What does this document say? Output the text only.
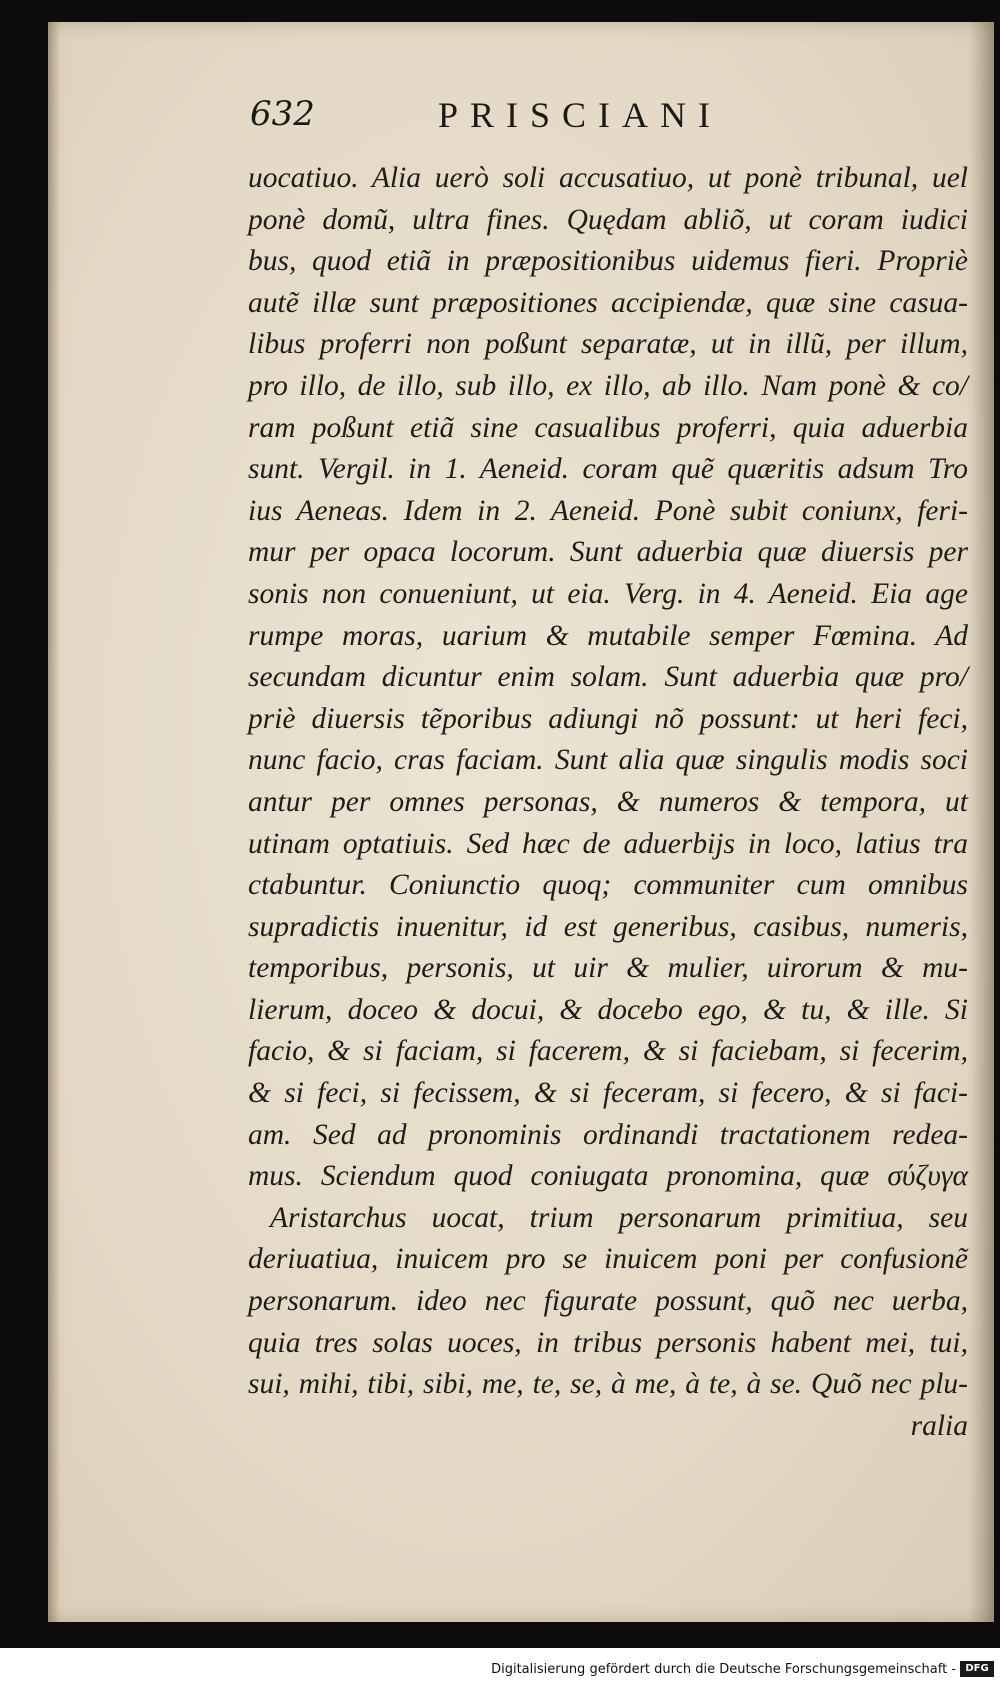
632	PRISCIANI
uocatiuo. Alia uerò soli accusatiuo, ut ponè tribunal, uel
ponè domũ, ultra fines. Quędam abliõ, ut coram iudici
bus, quod etiã in præpositionibus uidemus fieri. Propriè
autẽ illæ sunt præpositiones accipiendæ, quæ sine casua-
libus proferri non poßunt separatæ, ut in illũ, per illum,
pro illo, de illo, sub illo, ex illo, ab illo. Nam ponè & co/
ram poßunt etiã sine casualibus proferri, quia aduerbia
sunt. Vergil. in 1. Aeneid. coram quẽ quæritis adsum Tro
ius Aeneas. Idem in 2. Aeneid. Ponè subit coniunx, feri-
mur per opaca locorum. Sunt aduerbia quæ diuersis per
sonis non conueniunt, ut eia. Verg. in 4. Aeneid. Eia age
rumpe moras, uarium & mutabile semper Fœmina. Ad
secundam dicuntur enim solam. Sunt aduerbia quæ pro/
priè diuersis tẽporibus adiungi nõ possunt: ut heri feci,
nunc facio, cras faciam. Sunt alia quæ singulis modis soci
antur per omnes personas, & numeros & tempora, ut
utinam optatiuis. Sed hæc de aduerbijs in loco, latius tra
ctabuntur. Coniunctio quoq; communiter cum omnibus
supradictis inuenitur, id est generibus, casibus, numeris,
temporibus, personis, ut uir & mulier, uirorum & mu-
lierum, doceo & docui, & docebo ego, & tu, & ille. Si
facio, & si faciam, si facerem, & si faciebam, si fecerim,
& si feci, si fecissem, & si feceram, si fecero, & si faci-
am. Sed ad pronominis ordinandi tractationem redea-
mus. Sciendum quod coniugata pronomina, quæ σύζυγα
Aristarchus uocat, trium personarum primitiua, seu
deriuatiua, inuicem pro se inuicem poni per confusionẽ
personarum. ideo nec figurate possunt, quõ nec uerba,
quia tres solas uoces, in tribus personis habent mei, tui,
sui, mihi, tibi, sibi, me, te, se, à me, à te, à se. Quõ nec plu-
ralia
Digitalisierung gefördert durch die Deutsche Forschungsgemeinschaft - DFG
